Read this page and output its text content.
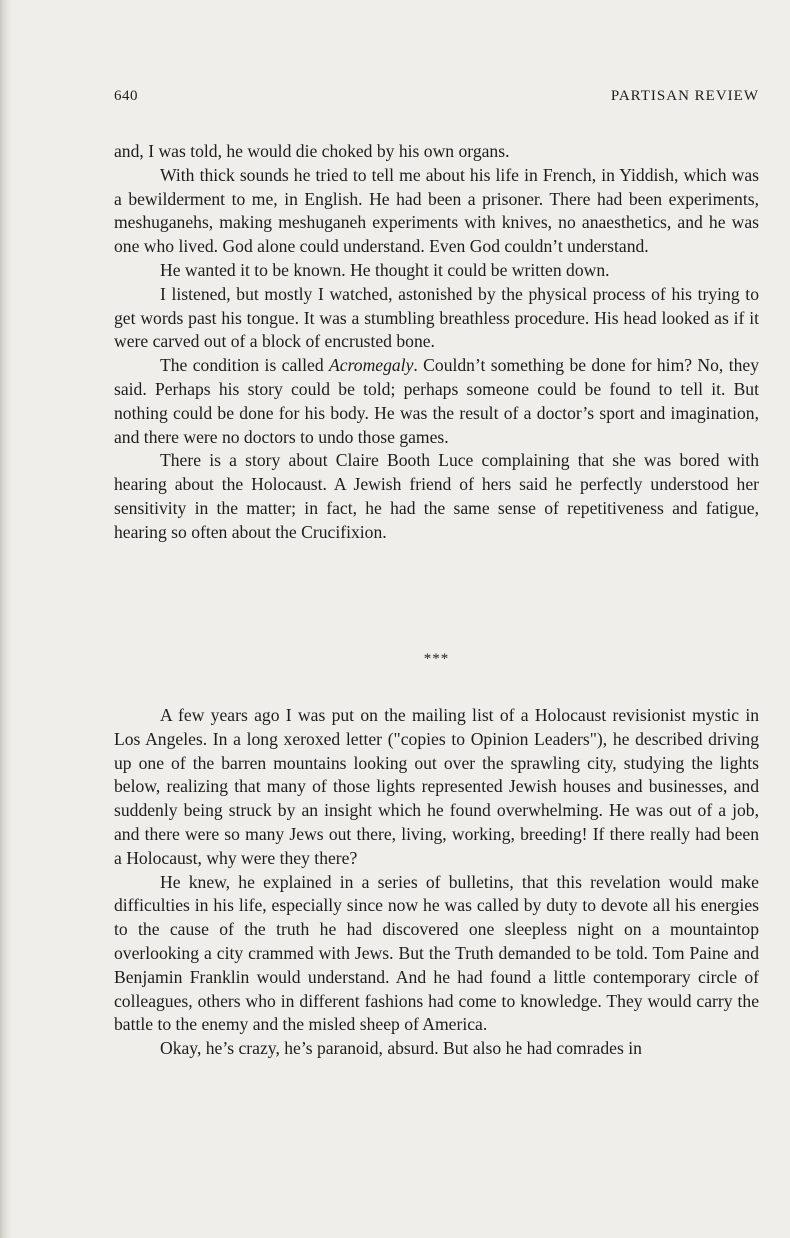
640	PARTISAN REVIEW

and, I was told, he would die choked by his own organs.

With thick sounds he tried to tell me about his life in French, in Yiddish, which was a bewilderment to me, in English. He had been a prisoner. There had been experiments, meshuganehs, making meshuganeh experiments with knives, no anaesthetics, and he was one who lived. God alone could understand. Even God couldn’t understand.

He wanted it to be known. He thought it could be written down.

I listened, but mostly I watched, astonished by the physical process of his trying to get words past his tongue. It was a stumbling breathless procedure. His head looked as if it were carved out of a block of encrusted bone.

The condition is called Acromegaly. Couldn’t something be done for him? No, they said. Perhaps his story could be told; perhaps someone could be found to tell it. But nothing could be done for his body. He was the result of a doctor’s sport and imagination, and there were no doctors to undo those games.

There is a story about Claire Booth Luce complaining that she was bored with hearing about the Holocaust. A Jewish friend of hers said he perfectly understood her sensitivity in the matter; in fact, he had the same sense of repetitiveness and fatigue, hearing so often about the Crucifixion.

***

A few years ago I was put on the mailing list of a Holocaust revisionist mystic in Los Angeles. In a long xeroxed letter ("copies to Opinion Leaders"), he described driving up one of the barren mountains looking out over the sprawling city, studying the lights below, realizing that many of those lights represented Jewish houses and businesses, and suddenly being struck by an insight which he found overwhelming. He was out of a job, and there were so many Jews out there, living, working, breeding! If there really had been a Holocaust, why were they there?

He knew, he explained in a series of bulletins, that this revelation would make difficulties in his life, especially since now he was called by duty to devote all his energies to the cause of the truth he had discovered one sleepless night on a mountaintop overlooking a city crammed with Jews. But the Truth demanded to be told. Tom Paine and Benjamin Franklin would understand. And he had found a little contemporary circle of colleagues, others who in different fashions had come to knowledge. They would carry the battle to the enemy and the misled sheep of America.

Okay, he’s crazy, he’s paranoid, absurd. But also he had comrades in
